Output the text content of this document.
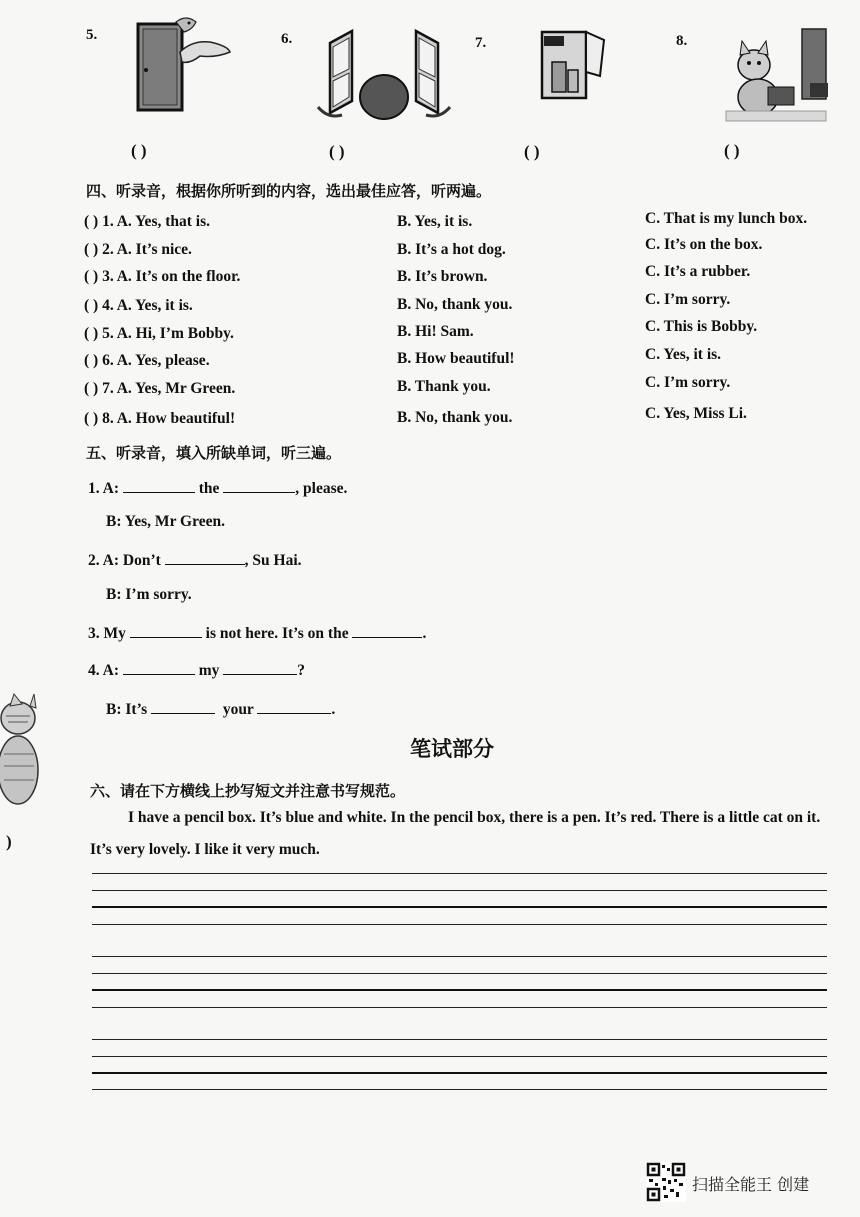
5.	6.	7.	8.
( )	( )	( )	( )
四、听录音，根据你所听到的内容，选出最佳应答，听两遍。
( ) 1. A. Yes, that is.	B. Yes, it is.	C. That is my lunch box.
( ) 2. A. It’s nice.	B. It’s a hot dog.	C. It’s on the box.
( ) 3. A. It’s on the floor.	B. It’s brown.	C. It’s a rubber.
( ) 4. A. Yes, it is.	B. No, thank you.	C. I’m sorry.
( ) 5. A. Hi, I’m Bobby.	B. Hi! Sam.	C. This is Bobby.
( ) 6. A. Yes, please.	B. How beautiful!	C. Yes, it is.
( ) 7. A. Yes, Mr Green.	B. Thank you.	C. I’m sorry.
( ) 8. A. How beautiful!	B. No, thank you.	C. Yes, Miss Li.
五、听录音，填入所缺单词，听三遍。
1. A:	the	, please.
B: Yes, Mr Green.
2. A: Don’t	, Su Hai.
B: I’m sorry.
3. My	is not here. It’s on the	.
4. A:	my	?
B: It’s	your	.
)
笔试部分
六、请在下方横线上抄写短文并注意书写规范。
I have a pencil box. It’s blue and white. In the pencil box, there is a pen. It’s red. There is a little cat on it. It’s very lovely. I like it very much.
扫描全能王 创建
